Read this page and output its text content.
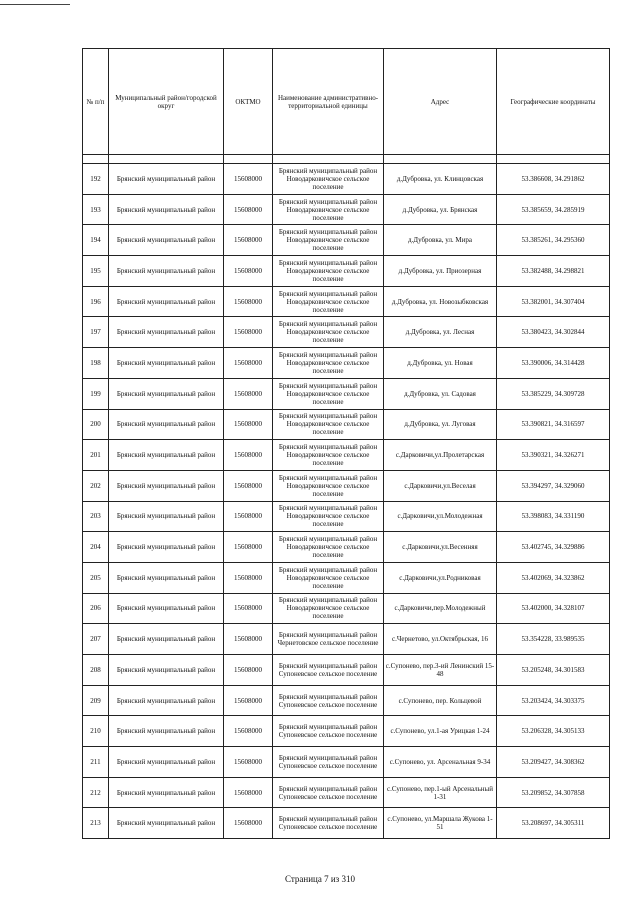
№ п/п	Муниципальный район/городской округ	ОКТМО	Наименование административно-территориальной единицы	Адрес	Географические координаты

192	Брянский муниципальный район	15608000	Брянский муниципальный район Новодарковичское сельское поселение	д.Дубровка, ул. Клинцовская	53.386608, 34.291862
193	Брянский муниципальный район	15608000	Брянский муниципальный район Новодарковичское сельское поселение	д.Дубровка, ул. Брянская	53.385659, 34.285919
194	Брянский муниципальный район	15608000	Брянский муниципальный район Новодарковичское сельское поселение	д.Дубровка, ул. Мира	53.385261, 34.295360
195	Брянский муниципальный район	15608000	Брянский муниципальный район Новодарковичское сельское поселение	д.Дубровка, ул. Приозерная	53.382488, 34.298821
196	Брянский муниципальный район	15608000	Брянский муниципальный район Новодарковичское сельское поселение	д.Дубровка, ул. Новозыбковская	53.382001, 34.307404
197	Брянский муниципальный район	15608000	Брянский муниципальный район Новодарковичское сельское поселение	д.Дубровка, ул. Лесная	53.380423, 34.302844
198	Брянский муниципальный район	15608000	Брянский муниципальный район Новодарковичское сельское поселение	д.Дубровка, ул. Новая	53.390006, 34.314428
199	Брянский муниципальный район	15608000	Брянский муниципальный район Новодарковичское сельское поселение	д.Дубровка, ул. Садовая	53.385229, 34.309728
200	Брянский муниципальный район	15608000	Брянский муниципальный район Новодарковичское сельское поселение	д.Дубровка, ул. Луговая	53.390821, 34.316597
201	Брянский муниципальный район	15608000	Брянский муниципальный район Новодарковичское сельское поселение	с.Дарковичи,ул.Пролетарская	53.390321, 34.326271
202	Брянский муниципальный район	15608000	Брянский муниципальный район Новодарковичское сельское поселение	с.Дарковичи,ул.Веселая	53.394297, 34.329060
203	Брянский муниципальный район	15608000	Брянский муниципальный район Новодарковичское сельское поселение	с.Дарковичи,ул.Молодежная	53.398083, 34.331190
204	Брянский муниципальный район	15608000	Брянский муниципальный район Новодарковичское сельское поселение	с.Дарковичи,ул.Весенняя	53.402745, 34.329886
205	Брянский муниципальный район	15608000	Брянский муниципальный район Новодарковичское сельское поселение	с.Дарковичи,ул.Родниковая	53.402069, 34.323862
206	Брянский муниципальный район	15608000	Брянский муниципальный район Новодарковичское сельское поселение	с.Дарковичи,пер.Молодежный	53.402000, 34.328107
207	Брянский муниципальный район	15608000	Брянский муниципальный район Чернетовское сельское поселение	с.Чернетово, ул.Октябрьская, 16	53.354228, 33.989535
208	Брянский муниципальный район	15608000	Брянский муниципальный район Супоневское сельское поселение	с.Супонево, пер.3-ий Ленинский 15-48	53.205248, 34.301583
209	Брянский муниципальный район	15608000	Брянский муниципальный район Супоневское сельское поселение	с.Супонево, пер. Кольцевой	53.203424, 34.303375
210	Брянский муниципальный район	15608000	Брянский муниципальный район Супоневское сельское поселение	с.Супонево, ул.1-ая Урицкая 1-24	53.206328, 34.305133
211	Брянский муниципальный район	15608000	Брянский муниципальный район Супоневское сельское поселение	с.Супонево, ул. Арсенальная 9-34	53.209427, 34.308362
212	Брянский муниципальный район	15608000	Брянский муниципальный район Супоневское сельское поселение	с.Супонево, пер.1-ый Арсенальный 1-31	53.209852, 34.307858
213	Брянский муниципальный район	15608000	Брянский муниципальный район Супоневское сельское поселение	с.Супонево, ул.Маршала Жукова 1-51	53.208697, 34.305311
Страница 7 из 310
